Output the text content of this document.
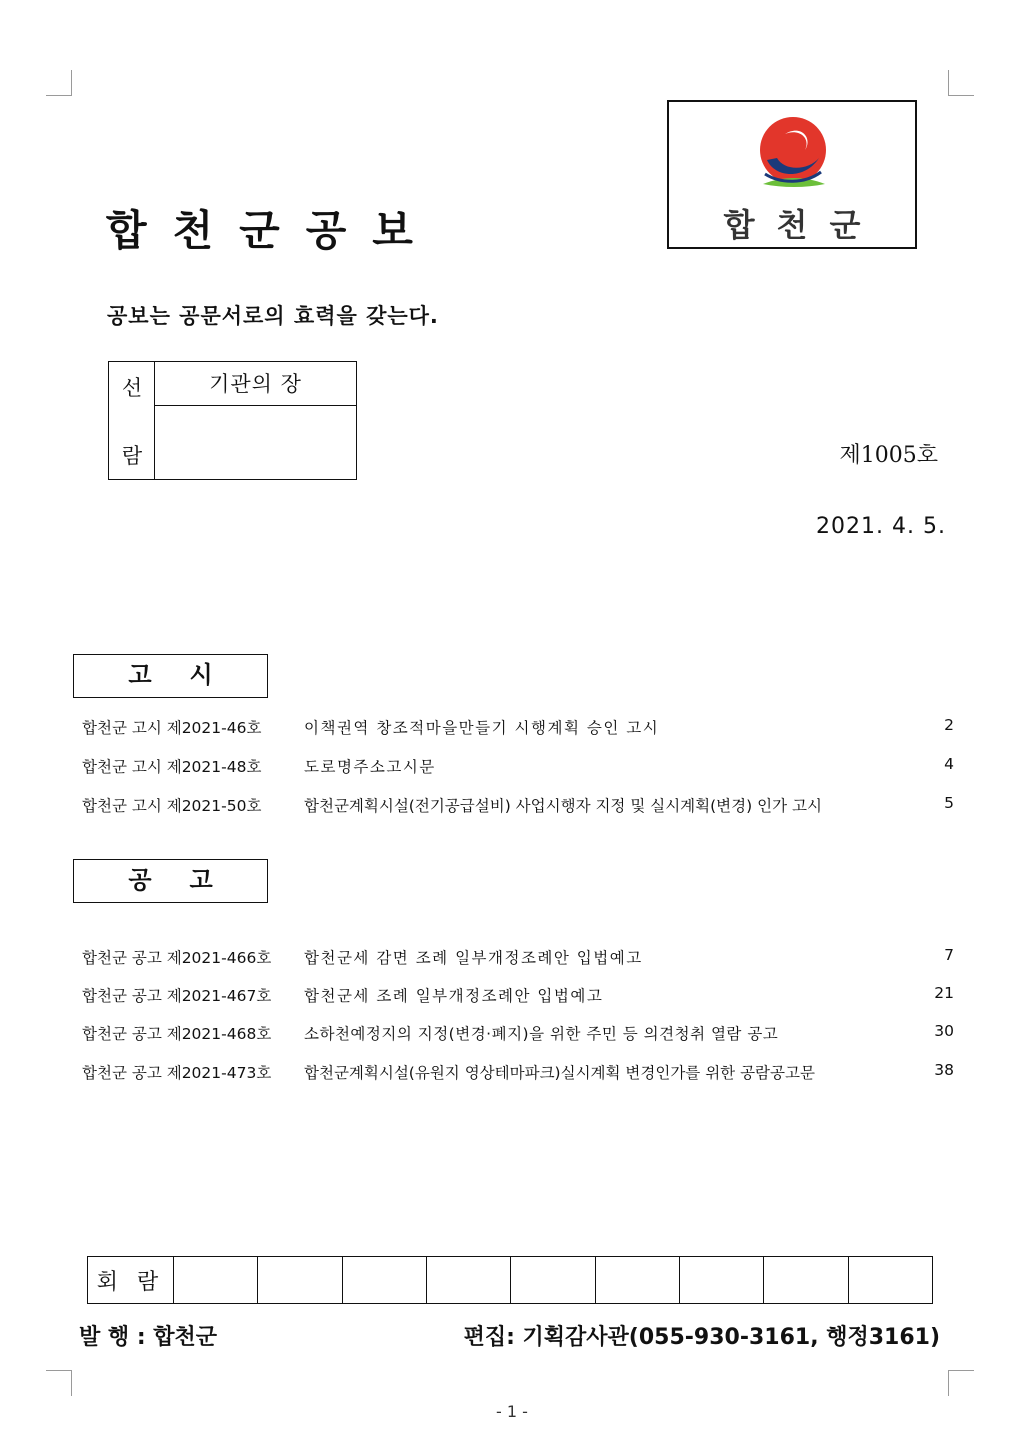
합천군공보	합천군
공보는 공문서로의 효력을 갖는다.
선
람
기관의 장
제1005호
2021. 4. 5.
고시
합천군 고시 제2021-46호	이책권역 창조적마을만들기 시행계획 승인 고시	2
합천군 고시 제2021-48호	도로명주소고시문	4
합천군 고시 제2021-50호	합천군계획시설(전기공급설비) 사업시행자 지정 및 실시계획(변경) 인가 고시	5
공고
합천군 공고 제2021-466호 합천군세 감면 조례 일부개정조례안 입법예고	7
합천군 공고 제2021-467호 합천군세 조례 일부개정조례안 입법예고	21
합천군 공고 제2021-468호 소하천예정지의 지정(변경·폐지)을 위한 주민 등 의견청취 열람 공고	30
합천군 공고 제2021-473호 합천군계획시설(유원지 영상테마파크)실시계획 변경인가를 위한 공람공고문	38
회 람									
발 행 : 합천군	편집: 기획감사관(055-930-3161, 행정3161)
- 1 -
